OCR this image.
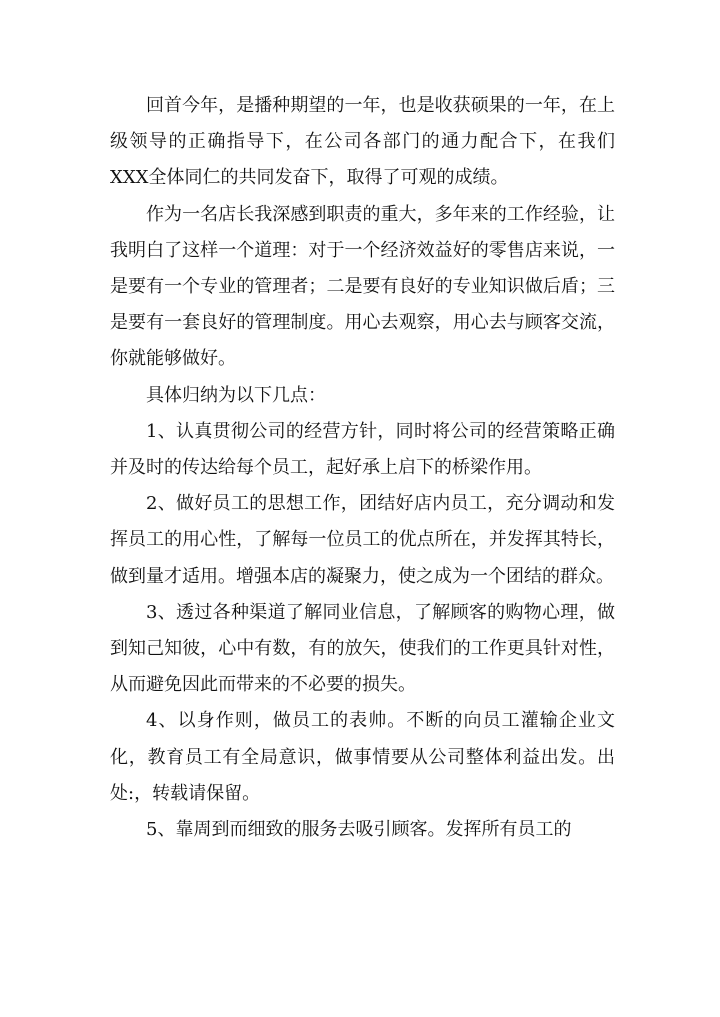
回首今年，是播种期望的一年，也是收获硕果的一年，在上级领导的正确指导下，在公司各部门的通力配合下，在我们XXX全体同仁的共同发奋下，取得了可观的成绩。

作为一名店长我深感到职责的重大，多年来的工作经验，让我明白了这样一个道理：对于一个经济效益好的零售店来说，一是要有一个专业的管理者；二是要有良好的专业知识做后盾；三是要有一套良好的管理制度。用心去观察，用心去与顾客交流，你就能够做好。

具体归纳为以下几点：

1、认真贯彻公司的经营方针，同时将公司的经营策略正确并及时的传达给每个员工，起好承上启下的桥梁作用。

2、做好员工的思想工作，团结好店内员工，充分调动和发挥员工的用心性，了解每一位员工的优点所在，并发挥其特长，做到量才适用。增强本店的凝聚力，使之成为一个团结的群众。

3、透过各种渠道了解同业信息，了解顾客的购物心理，做到知己知彼，心中有数，有的放矢，使我们的工作更具针对性，从而避免因此而带来的不必要的损失。

4、以身作则，做员工的表帅。不断的向员工灌输企业文化，教育员工有全局意识，做事情要从公司整体利益出发。出处:，转载请保留。

5、靠周到而细致的服务去吸引顾客。发挥所有员工的
